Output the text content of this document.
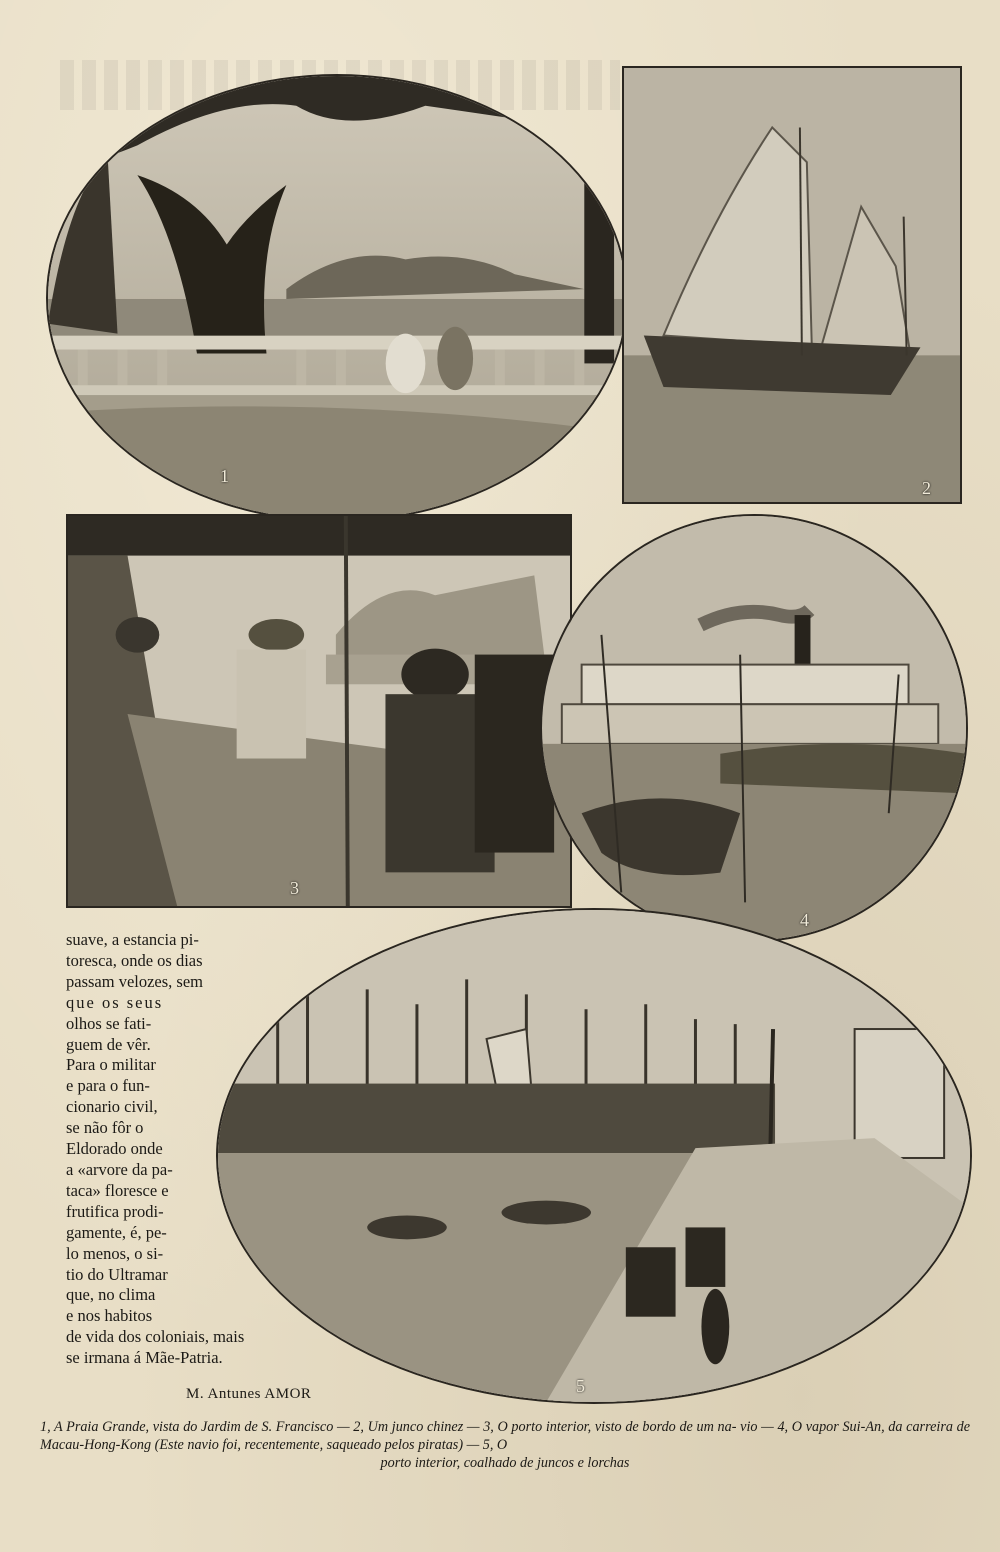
1
2
3
4
5
suave, a estancia pi-
toresca, onde os dias
passam velozes, sem
que os seus
olhos se fati-
guem de vêr.
Para o militar
e para o fun-
cionario civil,
se não fôr o
Eldorado onde
a «arvore da pa-
taca» floresce e
frutifica prodi-
gamente, é, pe-
lo menos, o si-
tio do Ultramar
que, no clima
e nos habitos
de vida dos coloniais, mais
se irmana á Mãe-Patria.
M. Antunes AMOR
1, A Praia Grande, vista do Jardim de S. Francisco — 2, Um junco chinez — 3, O porto interior, visto de bordo de um na- vio — 4, O vapor Sui-An, da carreira de Macau-Hong-Kong (Este navio foi, recentemente, saqueado pelos piratas) — 5, O
porto interior, coalhado de juncos e lorchas
